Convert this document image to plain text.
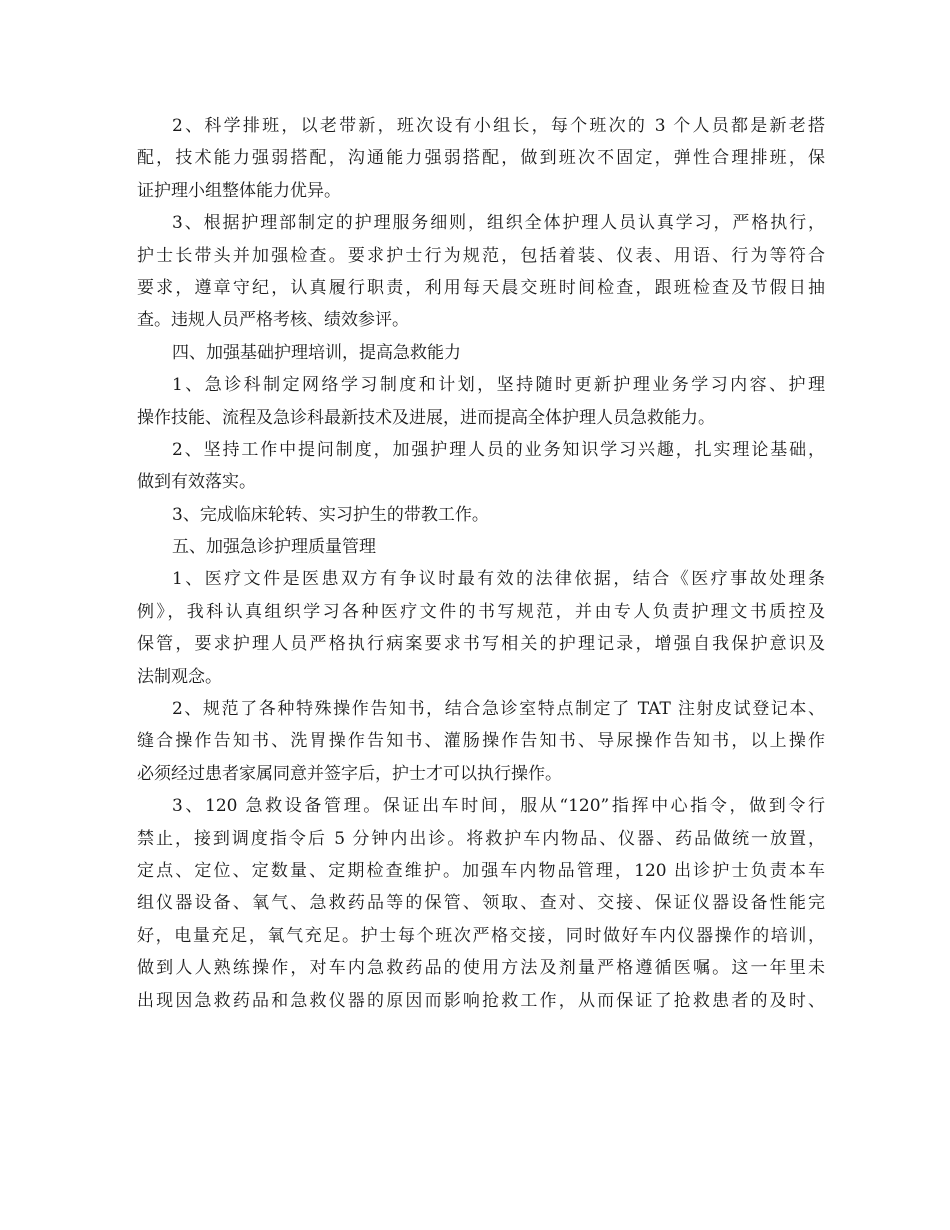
2、科学排班，以老带新，班次设有小组长，每个班次的 3 个人员都是新老搭
配，技术能力强弱搭配，沟通能力强弱搭配，做到班次不固定，弹性合理排班，保
证护理小组整体能力优异。
3、根据护理部制定的护理服务细则，组织全体护理人员认真学习，严格执行，
护士长带头并加强检查。要求护士行为规范，包括着装、仪表、用语、行为等符合
要求，遵章守纪，认真履行职责，利用每天晨交班时间检查，跟班检查及节假日抽
查。违规人员严格考核、绩效参评。
四、加强基础护理培训，提高急救能力
1、急诊科制定网络学习制度和计划，坚持随时更新护理业务学习内容、护理
操作技能、流程及急诊科最新技术及进展，进而提高全体护理人员急救能力。
2、坚持工作中提问制度，加强护理人员的业务知识学习兴趣，扎实理论基础，
做到有效落实。
3、完成临床轮转、实习护生的带教工作。
五、加强急诊护理质量管理
1、医疗文件是医患双方有争议时最有效的法律依据，结合《医疗事故处理条
例》，我科认真组织学习各种医疗文件的书写规范，并由专人负责护理文书质控及
保管，要求护理人员严格执行病案要求书写相关的护理记录，增强自我保护意识及
法制观念。
2、规范了各种特殊操作告知书，结合急诊室特点制定了 TAT 注射皮试登记本、
缝合操作告知书、洗胃操作告知书、灌肠操作告知书、导尿操作告知书，以上操作
必须经过患者家属同意并签字后，护士才可以执行操作。
3、120 急救设备管理。保证出车时间，服从“120”指挥中心指令，做到令行
禁止，接到调度指令后 5 分钟内出诊。将救护车内物品、仪器、药品做统一放置，
定点、定位、定数量、定期检查维护。加强车内物品管理，120 出诊护士负责本车
组仪器设备、氧气、急救药品等的保管、领取、查对、交接、保证仪器设备性能完
好，电量充足，氧气充足。护士每个班次严格交接，同时做好车内仪器操作的培训，
做到人人熟练操作，对车内急救药品的使用方法及剂量严格遵循医嘱。这一年里未
出现因急救药品和急救仪器的原因而影响抢救工作，从而保证了抢救患者的及时、
